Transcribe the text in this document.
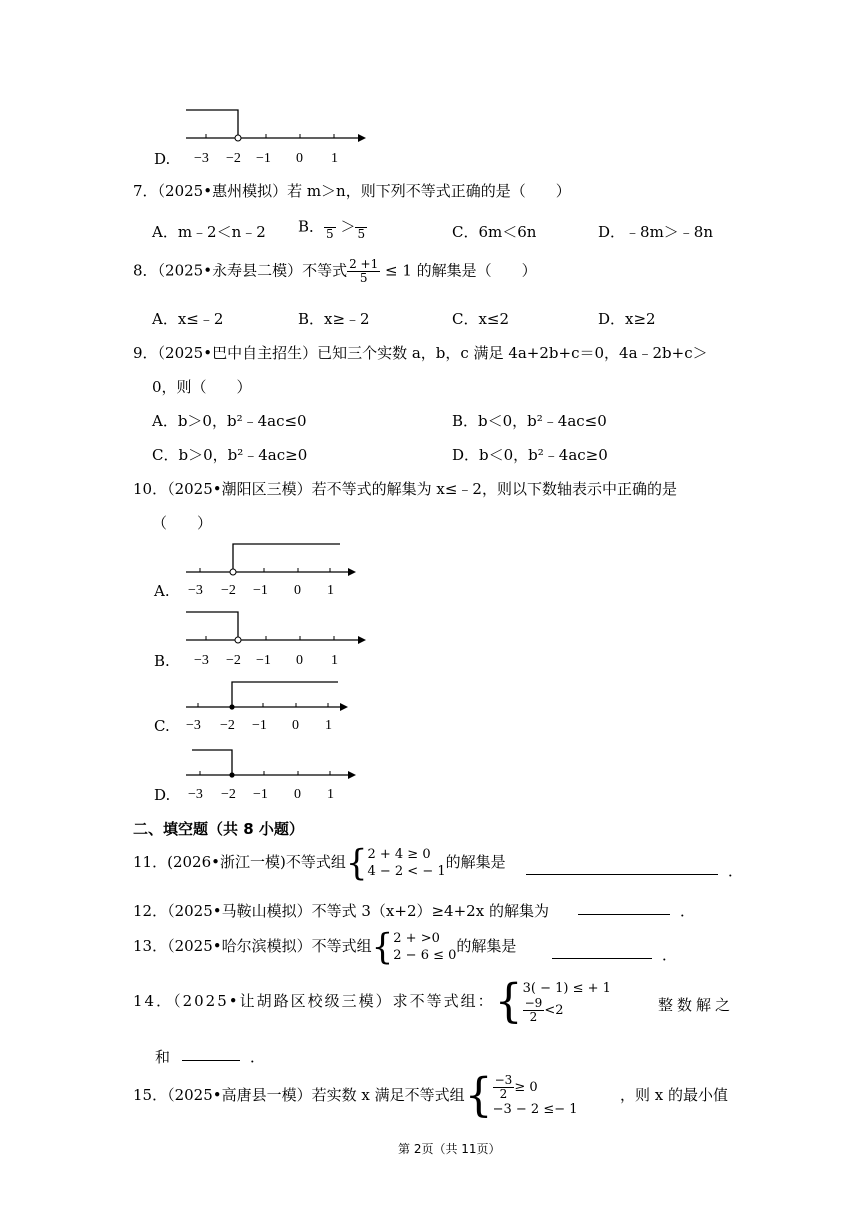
D. −3 −2 −1 0 1
7．（2025•惠州模拟）若 m＞n，则下列不等式正确的是（　　）
A．m﹣2＜n﹣2 B．
5 ＞
5	C．6m＜6n	D．﹣8m＞﹣8n
8．（2025•永寿县二模）不等式 $\frac{2 +1}{5} \le 1$ 的解集是（　　）
A．x≤﹣2	B．x≥﹣2	C．x≤2	D．x≥2
9．（2025•巴中自主招生）已知三个实数 a，b，c 满足 4a+2b+c＝0，4a﹣2b+c＞
0，则（　　）
A．b＞0，b²﹣4ac≤0	B．b＜0，b²﹣4ac≤0
C．b＞0，b²﹣4ac≥0	D．b＜0，b²﹣4ac≥0
10．（2025•潮阳区三模）若不等式的解集为 x≤﹣2，则以下数轴表示中正确的是
（　　）
A. −3 −2 −1 0 1
B. −3 −2 −1 0 1
C. −3 −2 −1 0 1
D. −3 −2 −1 0 1
二、填空题（共 8 小题）
11．(2026•浙江一模)不等式组{ 2 + 4 ≥ 0
4 − 2 < − 1
的解集是	．
12．（2025•马鞍山模拟）不等式 3（x+2）≥4+2x 的解集为	．
13．（2025•哈尔滨模拟）不等式组{ 2 + >0
2 − 6 ≤ 0
的解集是	．
14．（2025•让胡路区校级三模）求不等式组：{ 3( − 1) ≤ + 1
$\frac{-9}{2} <2$	整数解之
和	．
15．（2025•高唐县一模）若实数 x 满足不等式组{ $\frac{-3}{2} \ge 0$
−3 − 2 ≤− 1
，则 x 的最小值
第 2页（共 11页）
